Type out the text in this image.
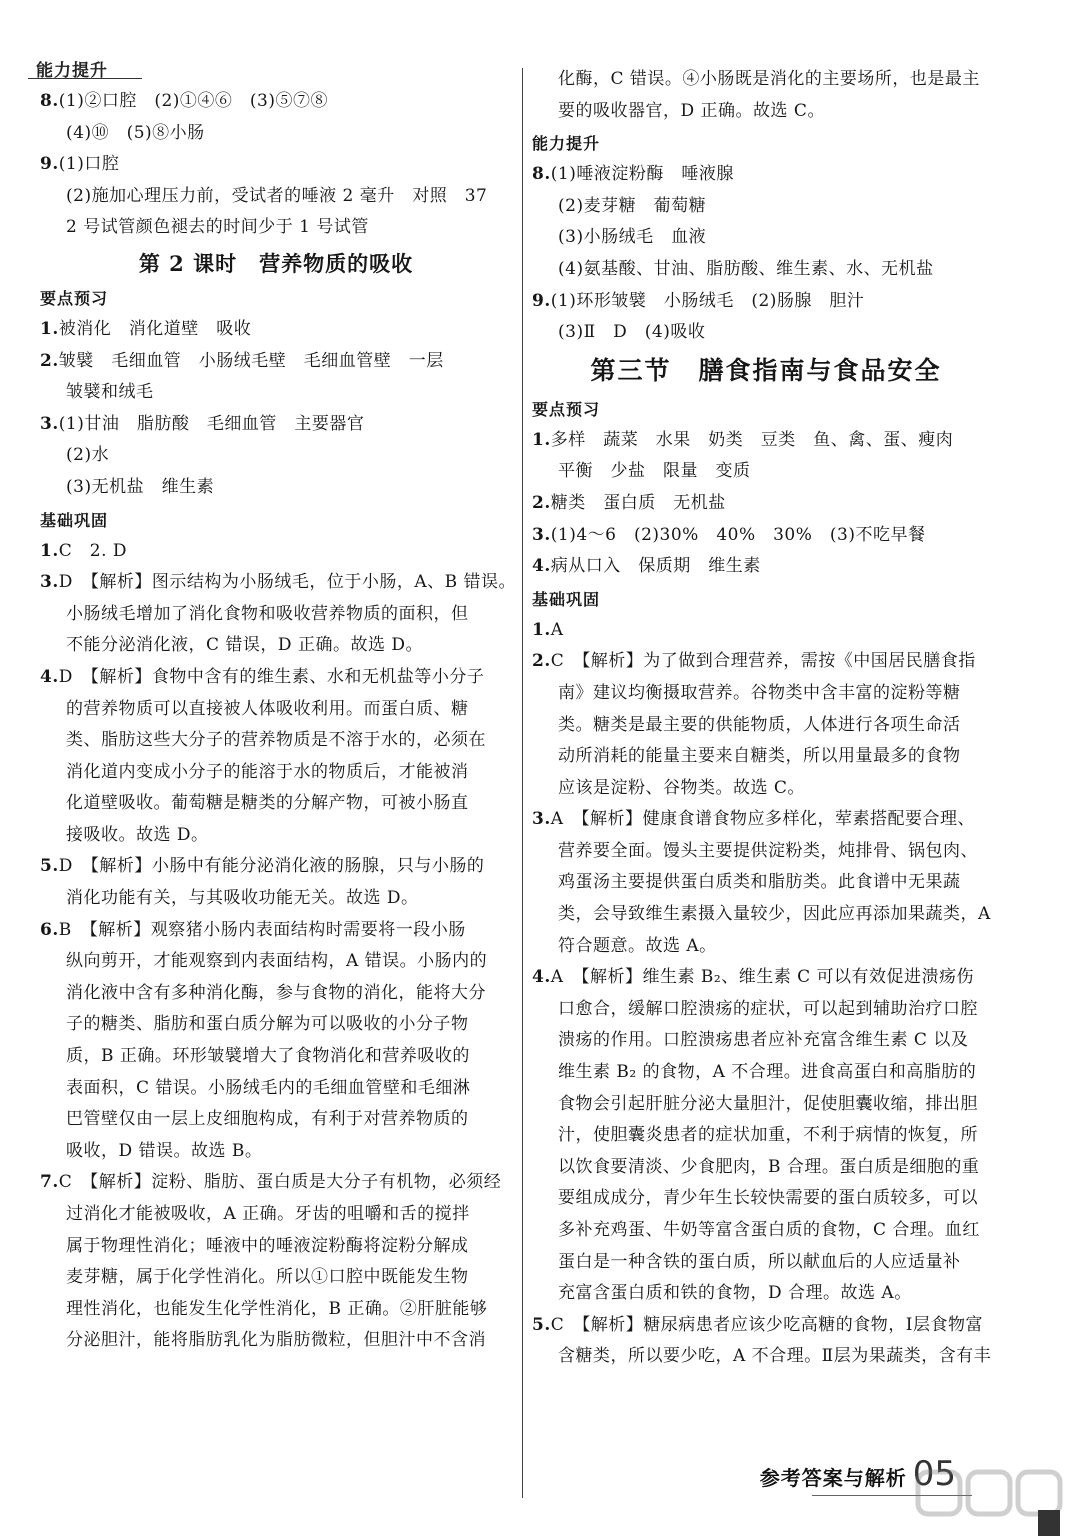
能力提升
8.(1)②口腔　(2)①④⑥　(3)⑤⑦⑧
(4)⑩　(5)⑧小肠
9.(1)口腔
(2)施加心理压力前，受试者的唾液 2 毫升　对照　37
2 号试管颜色褪去的时间少于 1 号试管
第 2 课时　营养物质的吸收
要点预习
1.被消化　消化道壁　吸收
2.皱襞　毛细血管　小肠绒毛壁　毛细血管壁　一层
皱襞和绒毛
3.(1)甘油　脂肪酸　毛细血管　主要器官
(2)水
(3)无机盐　维生素
基础巩固
1.C　2. D
3.D　【解析】图示结构为小肠绒毛，位于小肠，A、B 错误。
小肠绒毛增加了消化食物和吸收营养物质的面积，但
不能分泌消化液，C 错误，D 正确。故选 D。
4.D　【解析】食物中含有的维生素、水和无机盐等小分子
的营养物质可以直接被人体吸收利用。而蛋白质、糖
类、脂肪这些大分子的营养物质是不溶于水的，必须在
消化道内变成小分子的能溶于水的物质后，才能被消
化道壁吸收。葡萄糖是糖类的分解产物，可被小肠直
接吸收。故选 D。
5.D　【解析】小肠中有能分泌消化液的肠腺，只与小肠的
消化功能有关，与其吸收功能无关。故选 D。
6.B　【解析】观察猪小肠内表面结构时需要将一段小肠
纵向剪开，才能观察到内表面结构，A 错误。小肠内的
消化液中含有多种消化酶，参与食物的消化，能将大分
子的糖类、脂肪和蛋白质分解为可以吸收的小分子物
质，B 正确。环形皱襞增大了食物消化和营养吸收的
表面积，C 错误。小肠绒毛内的毛细血管壁和毛细淋
巴管壁仅由一层上皮细胞构成，有利于对营养物质的
吸收，D 错误。故选 B。
7.C　【解析】淀粉、脂肪、蛋白质是大分子有机物，必须经
过消化才能被吸收，A 正确。牙齿的咀嚼和舌的搅拌
属于物理性消化；唾液中的唾液淀粉酶将淀粉分解成
麦芽糖，属于化学性消化。所以①口腔中既能发生物
理性消化，也能发生化学性消化，B 正确。②肝脏能够
分泌胆汁，能将脂肪乳化为脂肪微粒，但胆汁中不含消
化酶，C 错误。④小肠既是消化的主要场所，也是最主
要的吸收器官，D 正确。故选 C。
能力提升
8.(1)唾液淀粉酶　唾液腺
(2)麦芽糖　葡萄糖
(3)小肠绒毛　血液
(4)氨基酸、甘油、脂肪酸、维生素、水、无机盐
9.(1)环形皱襞　小肠绒毛　(2)肠腺　胆汁
(3)Ⅱ　D　(4)吸收
第三节　膳食指南与食品安全
要点预习
1.多样　蔬菜　水果　奶类　豆类　鱼、禽、蛋、瘦肉
平衡　少盐　限量　变质
2.糖类　蛋白质　无机盐
3.(1)4～6　(2)30%　40%　30%　(3)不吃早餐
4.病从口入　保质期　维生素
基础巩固
1.A
2.C　【解析】为了做到合理营养，需按《中国居民膳食指
南》建议均衡摄取营养。谷物类中含丰富的淀粉等糖
类。糖类是最主要的供能物质，人体进行各项生命活
动所消耗的能量主要来自糖类，所以用量最多的食物
应该是淀粉、谷物类。故选 C。
3.A　【解析】健康食谱食物应多样化，荤素搭配要合理、
营养要全面。馒头主要提供淀粉类，炖排骨、锅包肉、
鸡蛋汤主要提供蛋白质类和脂肪类。此食谱中无果蔬
类，会导致维生素摄入量较少，因此应再添加果蔬类，A
符合题意。故选 A。
4.A　【解析】维生素 B₂、维生素 C 可以有效促进溃疡伤
口愈合，缓解口腔溃疡的症状，可以起到辅助治疗口腔
溃疡的作用。口腔溃疡患者应补充富含维生素 C 以及
维生素 B₂ 的食物，A 不合理。进食高蛋白和高脂肪的
食物会引起肝脏分泌大量胆汁，促使胆囊收缩，排出胆
汁，使胆囊炎患者的症状加重，不利于病情的恢复，所
以饮食要清淡、少食肥肉，B 合理。蛋白质是细胞的重
要组成成分，青少年生长较快需要的蛋白质较多，可以
多补充鸡蛋、牛奶等富含蛋白质的食物，C 合理。血红
蛋白是一种含铁的蛋白质，所以献血后的人应适量补
充富含蛋白质和铁的食物，D 合理。故选 A。
5.C　【解析】糖尿病患者应该少吃高糖的食物，Ⅰ层食物富
含糖类，所以要少吃，A 不合理。Ⅱ层为果蔬类，含有丰
参考答案与解析 05
